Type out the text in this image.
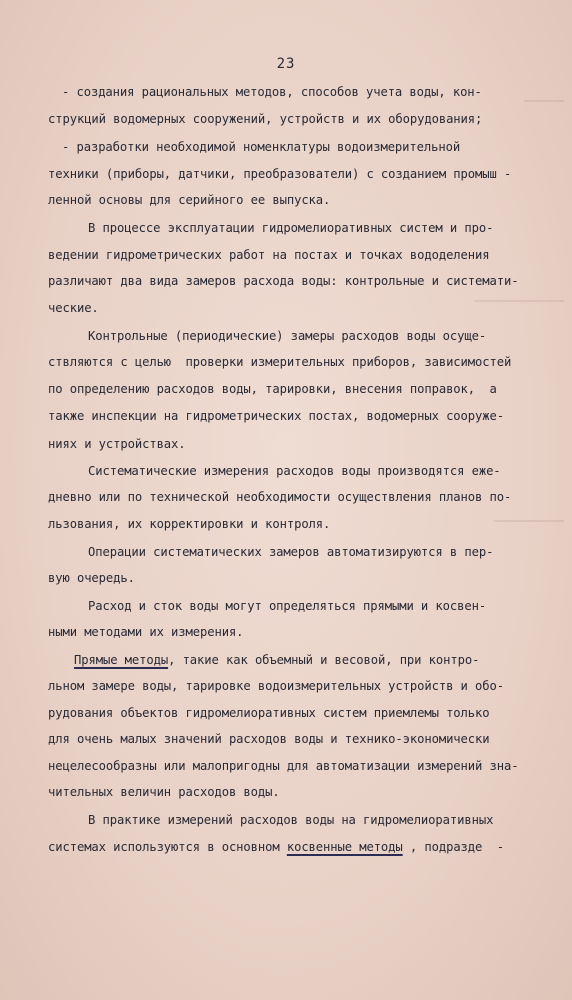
23
- создания рациональных методов, способов учета воды, кон-
струкций водомерных сооружений, устройств и их оборудования;
- разработки необходимой номенклатуры водоизмерительной
техники (приборы, датчики, преобразователи) с созданием промыш -
ленной основы для серийного ее выпуска.
В процессе эксплуатации гидромелиоративных систем и про-
ведении гидрометрических работ на постах и точках вододеления
различают два вида замеров расхода воды: контрольные и системати-
ческие.
Контрольные (периодические) замеры расходов воды осуще-
ствляются с целью  проверки измерительных приборов, зависимостей
по определению расходов воды, тарировки, внесения поправок,  а
также инспекции на гидрометрических постах, водомерных сооруже-
ниях и устройствах.
Систематические измерения расходов воды производятся еже-
дневно или по технической необходимости осуществления планов по-
льзования, их корректировки и контроля.
Операции систематических замеров автоматизируются в пер-
вую очередь.
Расход и сток воды могут определяться прямыми и косвен-
ными методами их измерения.
Прямые методы, такие как объемный и весовой, при контро-
льном замере воды, тарировке водоизмерительных устройств и обо-
рудования объектов гидромелиоративных систем приемлемы только
для очень малых значений расходов воды и технико-экономически
нецелесообразны или малопригодны для автоматизации измерений зна-
чительных величин расходов воды.
В практике измерений расходов воды на гидромелиоративных
системах используются в основном косвенные методы , подразде  -
